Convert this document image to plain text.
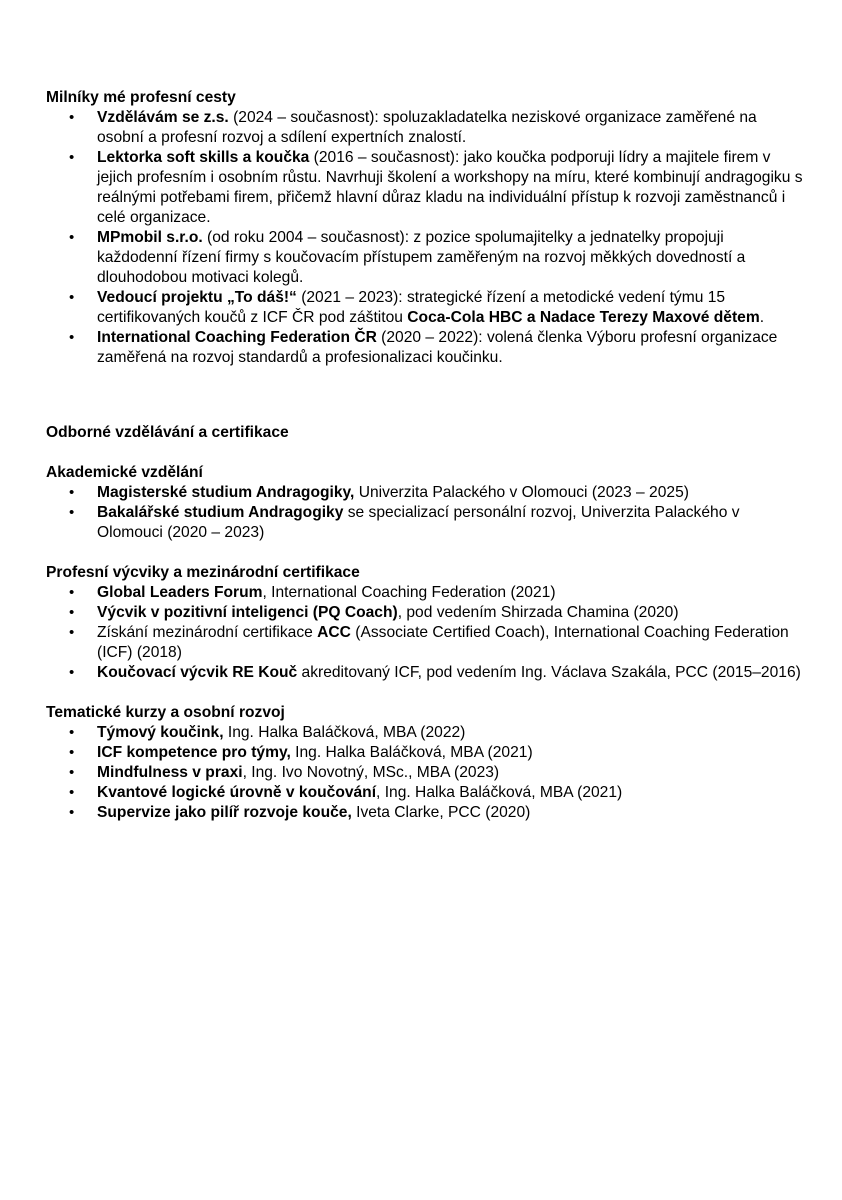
Milníky mé profesní cesty
• Vzdělávám se z.s. (2024 – současnost): spoluzakladatelka neziskové organizace zaměřené na osobní a profesní rozvoj a sdílení expertních znalostí.
• Lektorka soft skills a koučka (2016 – současnost): jako koučka podporuji lídry a majitele firem v jejich profesním i osobním růstu. Navrhuji školení a workshopy na míru, které kombinují andragogiku s reálnými potřebami firem, přičemž hlavní důraz kladu na individuální přístup k rozvoji zaměstnanců i celé organizace.
• MPmobil s.r.o. (od roku 2004 – současnost): z pozice spolumajitelky a jednatelky propojuji každodenní řízení firmy s koučovacím přístupem zaměřeným na rozvoj měkkých dovedností a dlouhodobou motivaci kolegů.
• Vedoucí projektu „To dáš!“ (2021 – 2023): strategické řízení a metodické vedení týmu 15 certifikovaných koučů z ICF ČR pod záštitou Coca-Cola HBC a Nadace Terezy Maxové dětem.
• International Coaching Federation ČR (2020 – 2022): volená členka Výboru profesní organizace zaměřená na rozvoj standardů a profesionalizaci koučinku.
Odborné vzdělávání a certifikace
Akademické vzdělání
• Magisterské studium Andragogiky, Univerzita Palackého v Olomouci (2023 – 2025)
• Bakalářské studium Andragogiky se specializací personální rozvoj, Univerzita Palackého v Olomouci (2020 – 2023)
Profesní výcviky a mezinárodní certifikace
• Global Leaders Forum, International Coaching Federation (2021)
• Výcvik v pozitivní inteligenci (PQ Coach), pod vedením Shirzada Chamina (2020)
• Získání mezinárodní certifikace ACC (Associate Certified Coach), International Coaching Federation (ICF) (2018)
• Koučovací výcvik RE Kouč akreditovaný ICF, pod vedením Ing. Václava Szakála, PCC (2015–2016)
Tematické kurzy a osobní rozvoj
• Týmový koučink, Ing. Halka Baláčková, MBA (2022)
• ICF kompetence pro týmy, Ing. Halka Baláčková, MBA (2021)
• Mindfulness v praxi, Ing. Ivo Novotný, MSc., MBA (2023)
• Kvantové logické úrovně v koučování, Ing. Halka Baláčková, MBA (2021)
• Supervize jako pilíř rozvoje kouče, Iveta Clarke, PCC (2020)
